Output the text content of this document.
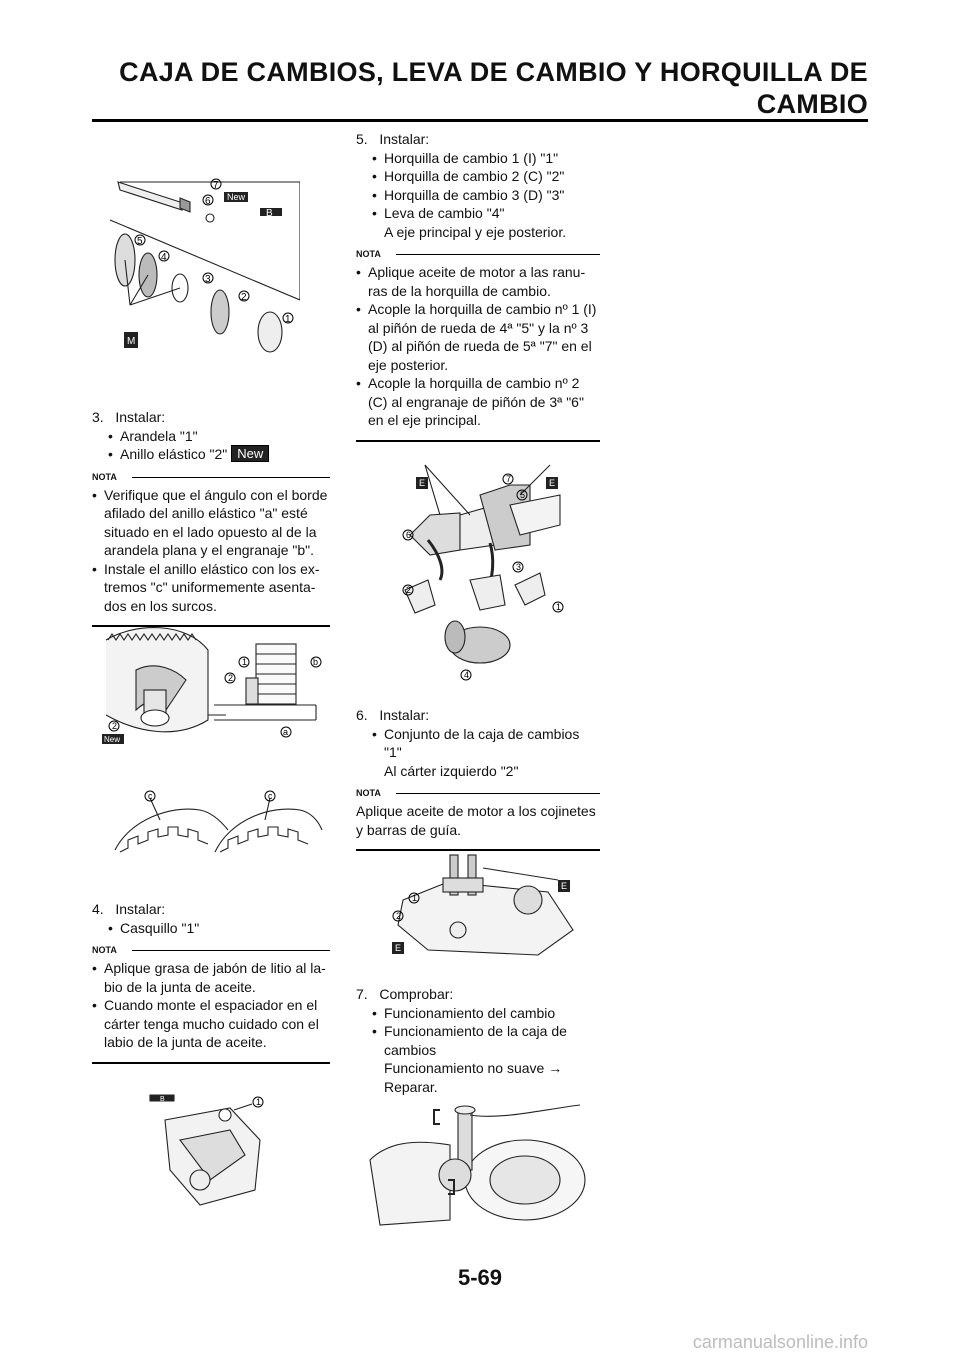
CAJA DE CAMBIOS, LEVA DE CAMBIO Y HORQUILLA DE
CAMBIO
7
6
5
4
3
2
1
M
B
New
3. Instalar:
• Arandela "1"
• Anillo elástico "2" New
NOTA
• Verifique que el ángulo con el borde afilado del anillo elástico "a" esté situado en el lado opuesto al de la arandela plana y el engranaje "b".
• Instale el anillo elástico con los ex-tremos "c" uniformemente asenta-dos en los surcos.
1
2
b
a
2
New
c	c
4. Instalar:
• Casquillo "1"
NOTA
• Aplique grasa de jabón de litio al la-bio de la junta de aceite.
• Cuando monte el espaciador en el cárter tenga mucho cuidado con el labio de la junta de aceite.
1
B
5. Instalar:
• Horquilla de cambio 1 (I) "1"
• Horquilla de cambio 2 (C) "2"
• Horquilla de cambio 3 (D) "3"
• Leva de cambio "4"
A eje principal y eje posterior.
NOTA
• Aplique aceite de motor a las ranu-ras de la horquilla de cambio.
• Acople la horquilla de cambio nº 1 (I) al piñón de rueda de 4ª "5" y la nº 3 (D) al piñón de rueda de 5ª "7" en el eje posterior.
• Acople la horquilla de cambio nº 2 (C) al engranaje de piñón de 3ª "6" en el eje principal.
7
5
6
3
2
1
4
E	E
6. Instalar:
• Conjunto de la caja de cambios "1"
Al cárter izquierdo "2"
NOTA
Aplique aceite de motor a los cojinetes y barras de guía.
1
2
E
E
7. Comprobar:
• Funcionamiento del cambio
• Funcionamiento de la caja de cambios
Funcionamiento no suave →
Reparar.
5-69
carmanualsonline.info
